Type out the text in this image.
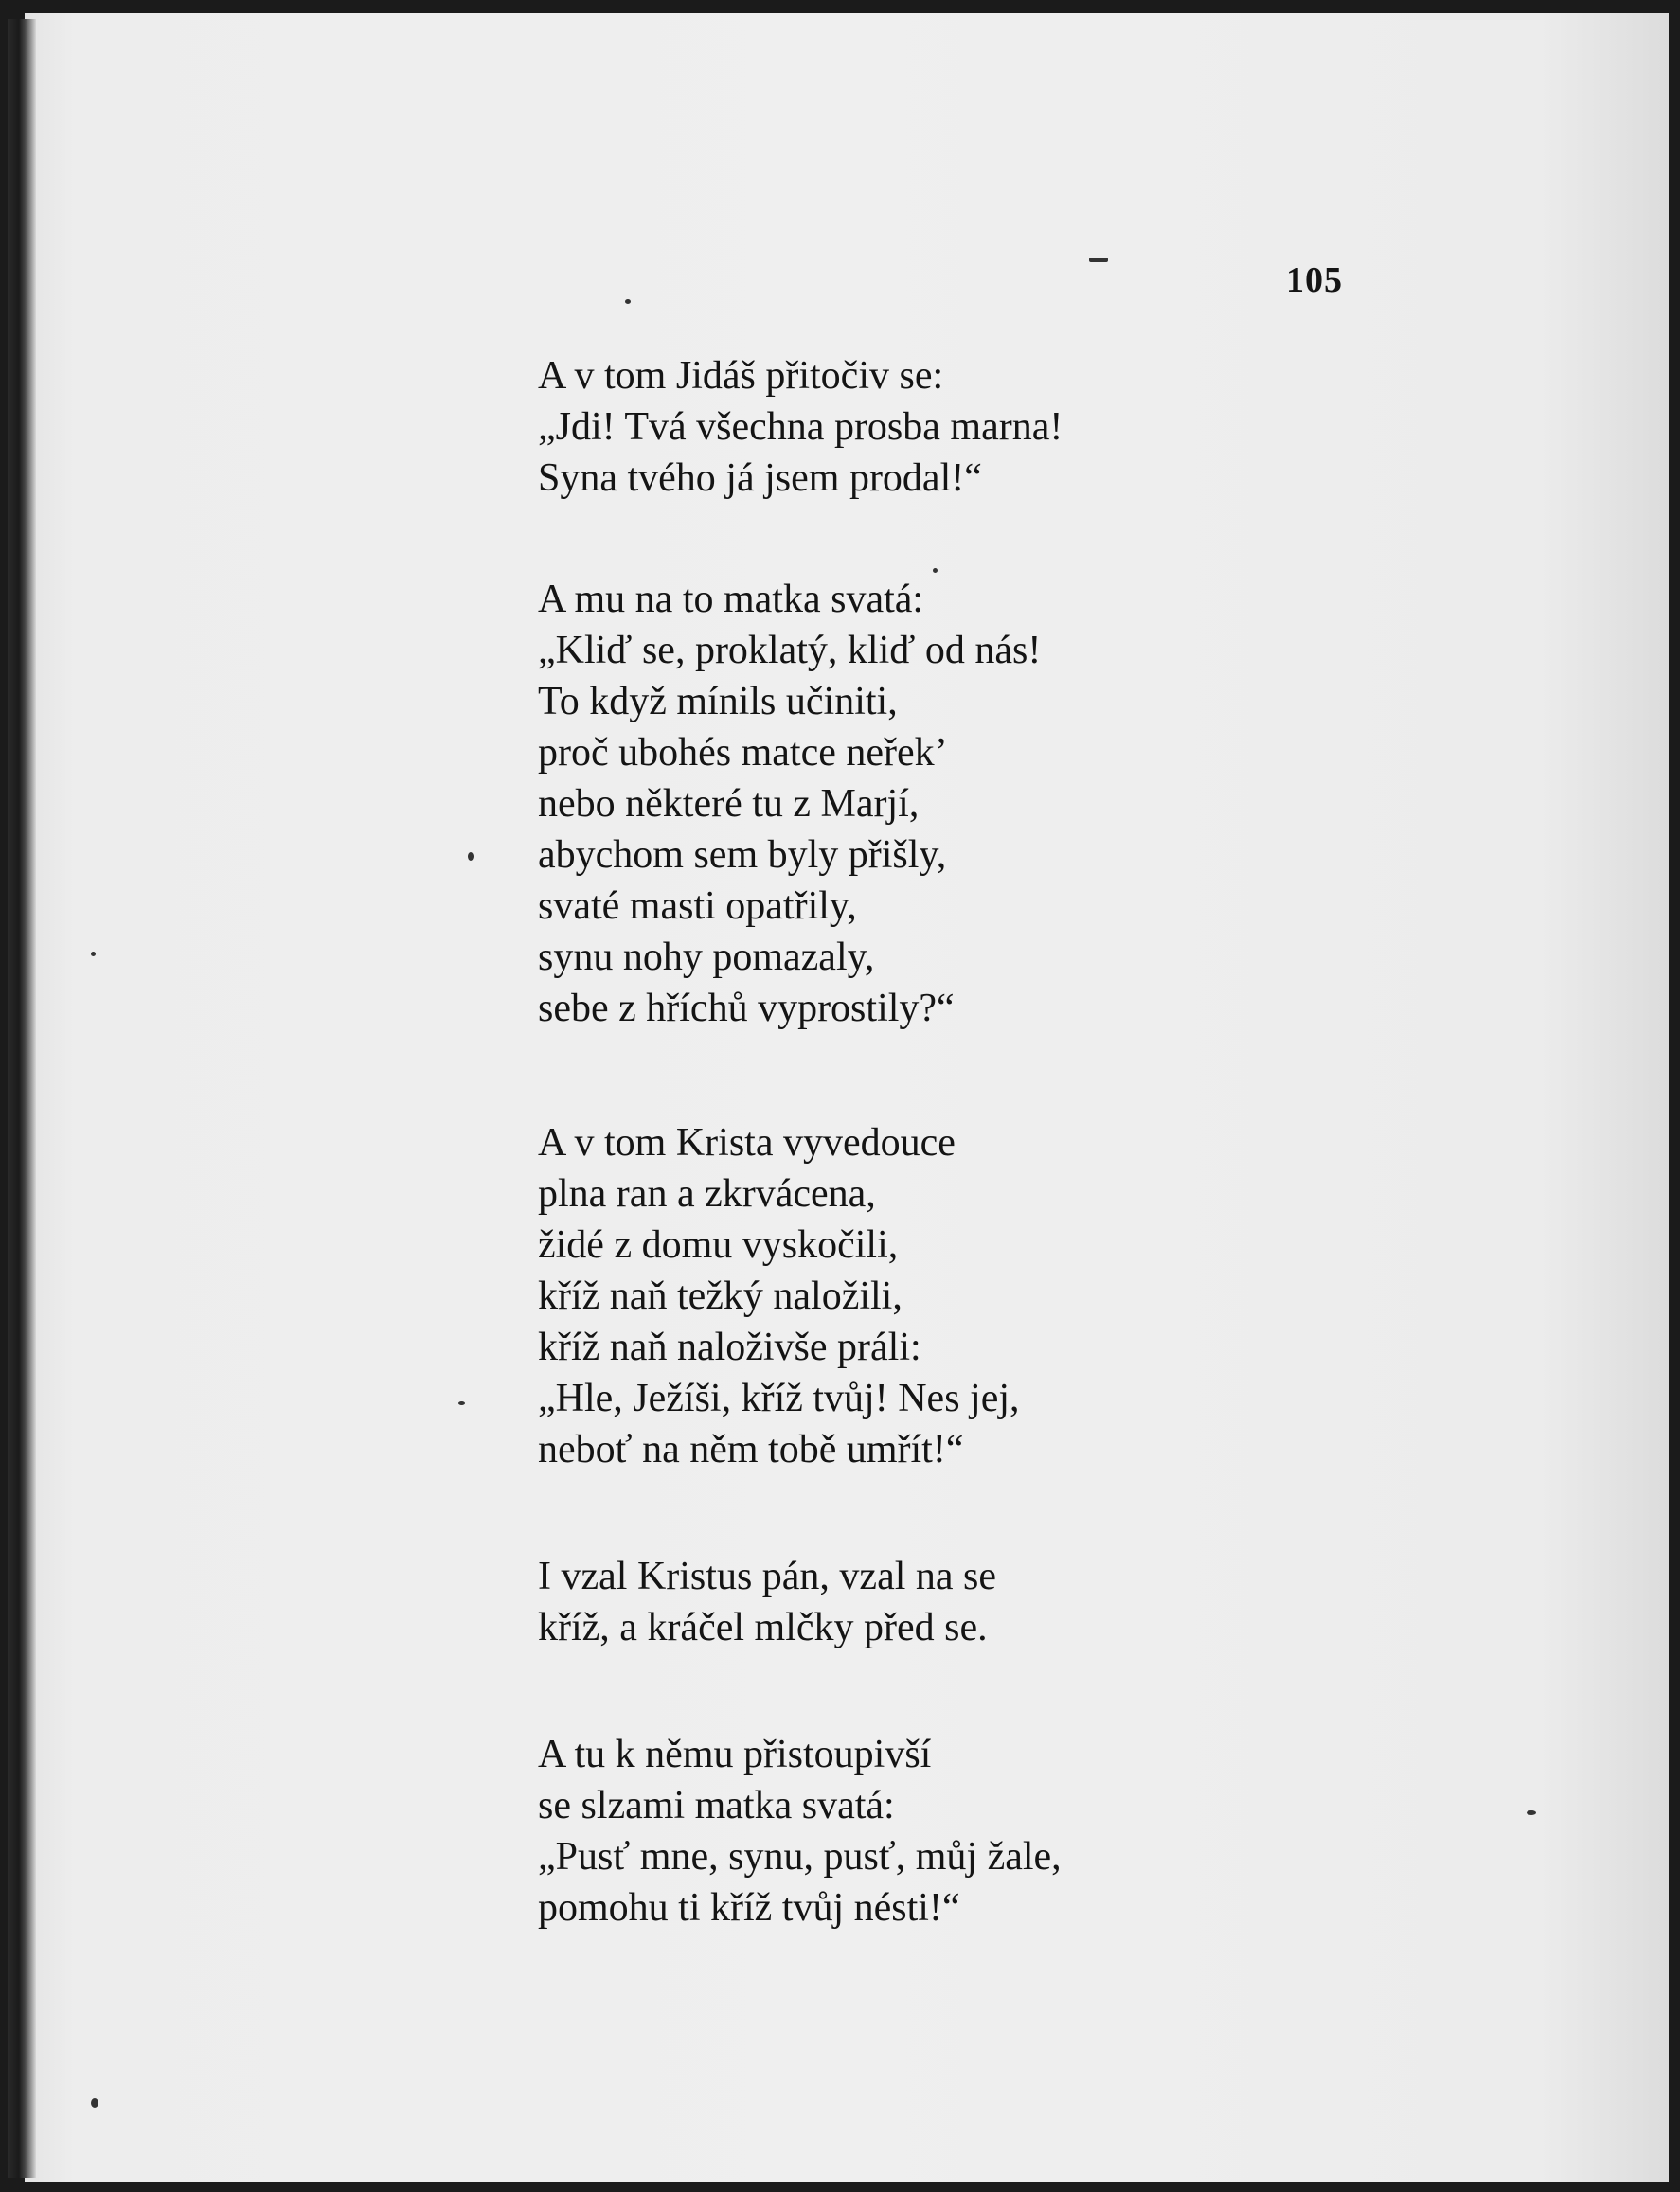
105
A v tom Jidáš přitočiv se:
„Jdi! Tvá všechna prosba marna!
Syna tvého já jsem prodal!“
A mu na to matka svatá:
„Kliď se, proklatý, kliď od nás!
To když mínils učiniti,
proč ubohés matce neřek’
nebo některé tu z Marjí,
abychom sem byly přišly,
svaté masti opatřily,
synu nohy pomazaly,
sebe z hříchů vyprostily?“
A v tom Krista vyvedouce
plna ran a zkrvácena,
židé z domu vyskočili,
kříž naň težký naložili,
kříž naň naloživše práli:
„Hle, Ježíši, kříž tvůj! Nes jej,
neboť na něm tobě umřít!“
I vzal Kristus pán, vzal na se
kříž, a kráčel mlčky před se.
A tu k němu přistoupivší
se slzami matka svatá:
„Pusť mne, synu, pusť, můj žale,
pomohu ti kříž tvůj nésti!“
